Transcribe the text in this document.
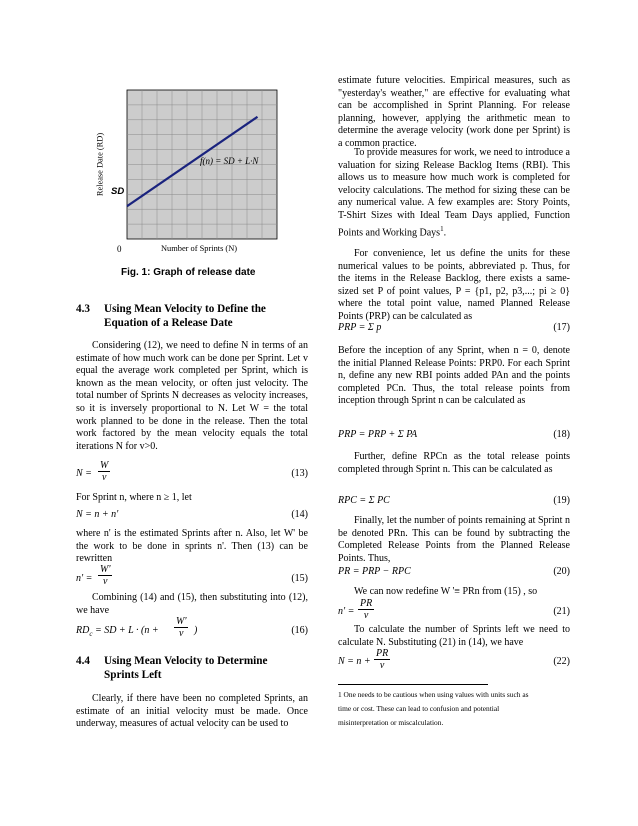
Release Date (RD) SD
f(n) = SD + L·N
0	Number of Sprints (N)
Fig. 1: Graph of release date
4.3 Using Mean Velocity to Define the Equation of a Release Date

Considering (12), we need to define N in terms of an estimate of how much work can be done per Sprint. Let v equal the average work completed per Sprint, which is known as the mean velocity, or often just velocity. The total number of Sprints N decreases as velocity increases, so it is inversely proportional to N. Let W = the total work planned to be done in the release. Then the total work factored by the mean velocity equals the total iterations N for v>0.

$N = \frac{W}{v}$	(13)

For Sprint n, where n ≥ 1, let

N = n + n'	(14)

where n' is the estimated Sprints after n. Also, let W' be the work to be done in sprints n'. Then (13) can be rewritten

$n' = \frac{W'}{v}$	(15)

Combining (14) and (15), then substituting into (12), we have

$RD_c$ = SD + $L \cdot (n + \frac{W'}{v}$ )	(16)
4.4 Using Mean Velocity to Determine Sprints Left

Clearly, if there have been no completed Sprints, an estimate of an initial velocity must be made. Once underway, measures of actual velocity can be used to

estimate future velocities. Empirical measures, such as "yesterday's weather," are effective for evaluating what can be accomplished in Sprint Planning. For release planning, however, applying the arithmetic mean to determine the average velocity (work done per Sprint) is a common practice.

To provide measures for work, we need to introduce a valuation for sizing Release Backlog Items (RBI). This allows us to measure how much work is completed for velocity calculations. The method for sizing these can be any numerical value. A few examples are: Story Points, T-Shirt Sizes with Ideal Team Days applied, Function Points and Working Days$^1$.

For convenience, let us define the units for these numerical values to be points, abbreviated p. Thus, for the items in the Release Backlog, there exists a same-sized set P of point values, P = {p1, p2, p3,...; pi ≥ 0} where the total point value, named Planned Release Points (PRP) can be calculated as

PRP = Σ p	(17)

Before the inception of any Sprint, when n = 0, denote the initial Planned Release Points: PRP0. For each Sprint n, define any new RBI points added PAn and the points completed PCn. Thus, the total release points from inception through Sprint n can be calculated as

PRP = PRP + Σ PA	(18)

Further, define RPCn as the total release points completed through Sprint n. This can be calculated as

RPC = Σ PC	(19)

Finally, let the number of points remaining at Sprint n be denoted PRn. This can be found by subtracting the Completed Release Points from the Planned Release Points. Thus,

PR = PRP − RPC	(20)

We can now redefine W '≡ PRn from (15) , so

$n' = \frac{PR}{v}$	(21)

To calculate the number of Sprints left we need to calculate N. Substituting (21) in (14), we have

$N = n + \frac{PR}{v}$	(22)
1 One needs to be cautious when using values with units such as
time or cost. These can lead to confusion and potential
misinterpretation or miscalculation.
